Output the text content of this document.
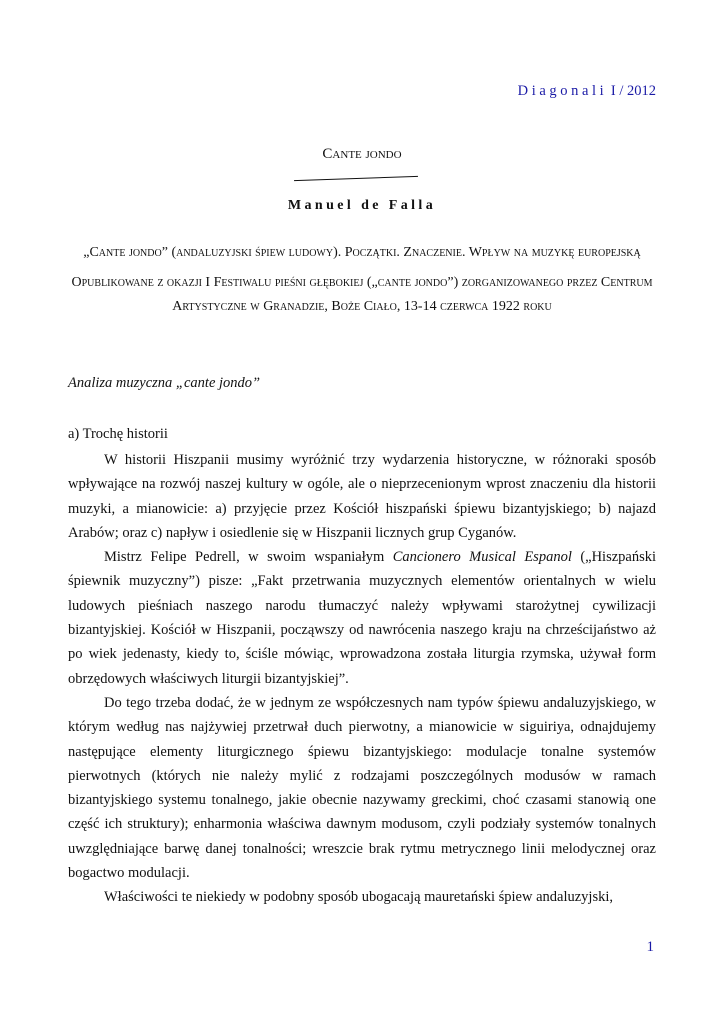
Diagonali I / 2012
Cante jondo
Manuel de Falla
„Cante jondo” (andaluzyjski śpiew ludowy). Początki. Znaczenie. Wpływ na muzykę europejską
Opublikowane z okazji I Festiwalu pieśni głębokiej („cante jondo”) zorganizowanego przez Centrum
Artystyczne w Granadzie, Boże Ciało, 13-14 czerwca 1922 roku
Analiza muzyczna „cante jondo”
a) Trochę historii

W historii Hiszpanii musimy wyróżnić trzy wydarzenia historyczne, w różnoraki sposób wpływające na rozwój naszej kultury w ogóle, ale o nieprzecenionym wprost znaczeniu dla historii muzyki, a mianowicie: a) przyjęcie przez Kościół hiszpański śpiewu bizantyjskiego; b) najazd Arabów; oraz c) napływ i osiedlenie się w Hiszpanii licznych grup Cyganów.

Mistrz Felipe Pedrell, w swoim wspaniałym Cancionero Musical Espanol („Hiszpański śpiewnik muzyczny”) pisze: „Fakt przetrwania muzycznych elementów orientalnych w wielu ludowych pieśniach naszego narodu tłumaczyć należy wpływami starożytnej cywilizacji bizantyjskiej. Kościół w Hiszpanii, począwszy od nawrócenia naszego kraju na chrześcijaństwo aż po wiek jedenasty, kiedy to, ściśle mówiąc, wprowadzona została liturgia rzymska, używał form obrzędowych właściwych liturgii bizantyjskiej”.

Do tego trzeba dodać, że w jednym ze współczesnych nam typów śpiewu andaluzyjskiego, w którym według nas najżywiej przetrwał duch pierwotny, a mianowicie w siguiriya, odnajdujemy następujące elementy liturgicznego śpiewu bizantyjskiego: modulacje tonalne systemów pierwotnych (których nie należy mylić z rodzajami poszczególnych modusów w ramach bizantyjskiego systemu tonalnego, jakie obecnie nazywamy greckimi, choć czasami stanowią one część ich struktury); enharmonia właściwa dawnym modusom, czyli podziały systemów tonalnych uwzględniające barwę danej tonalności; wreszcie brak rytmu metrycznego linii melodycznej oraz bogactwo modulacji.

Właściwości te niekiedy w podobny sposób ubogacają mauretański śpiew andaluzyjski,

1
